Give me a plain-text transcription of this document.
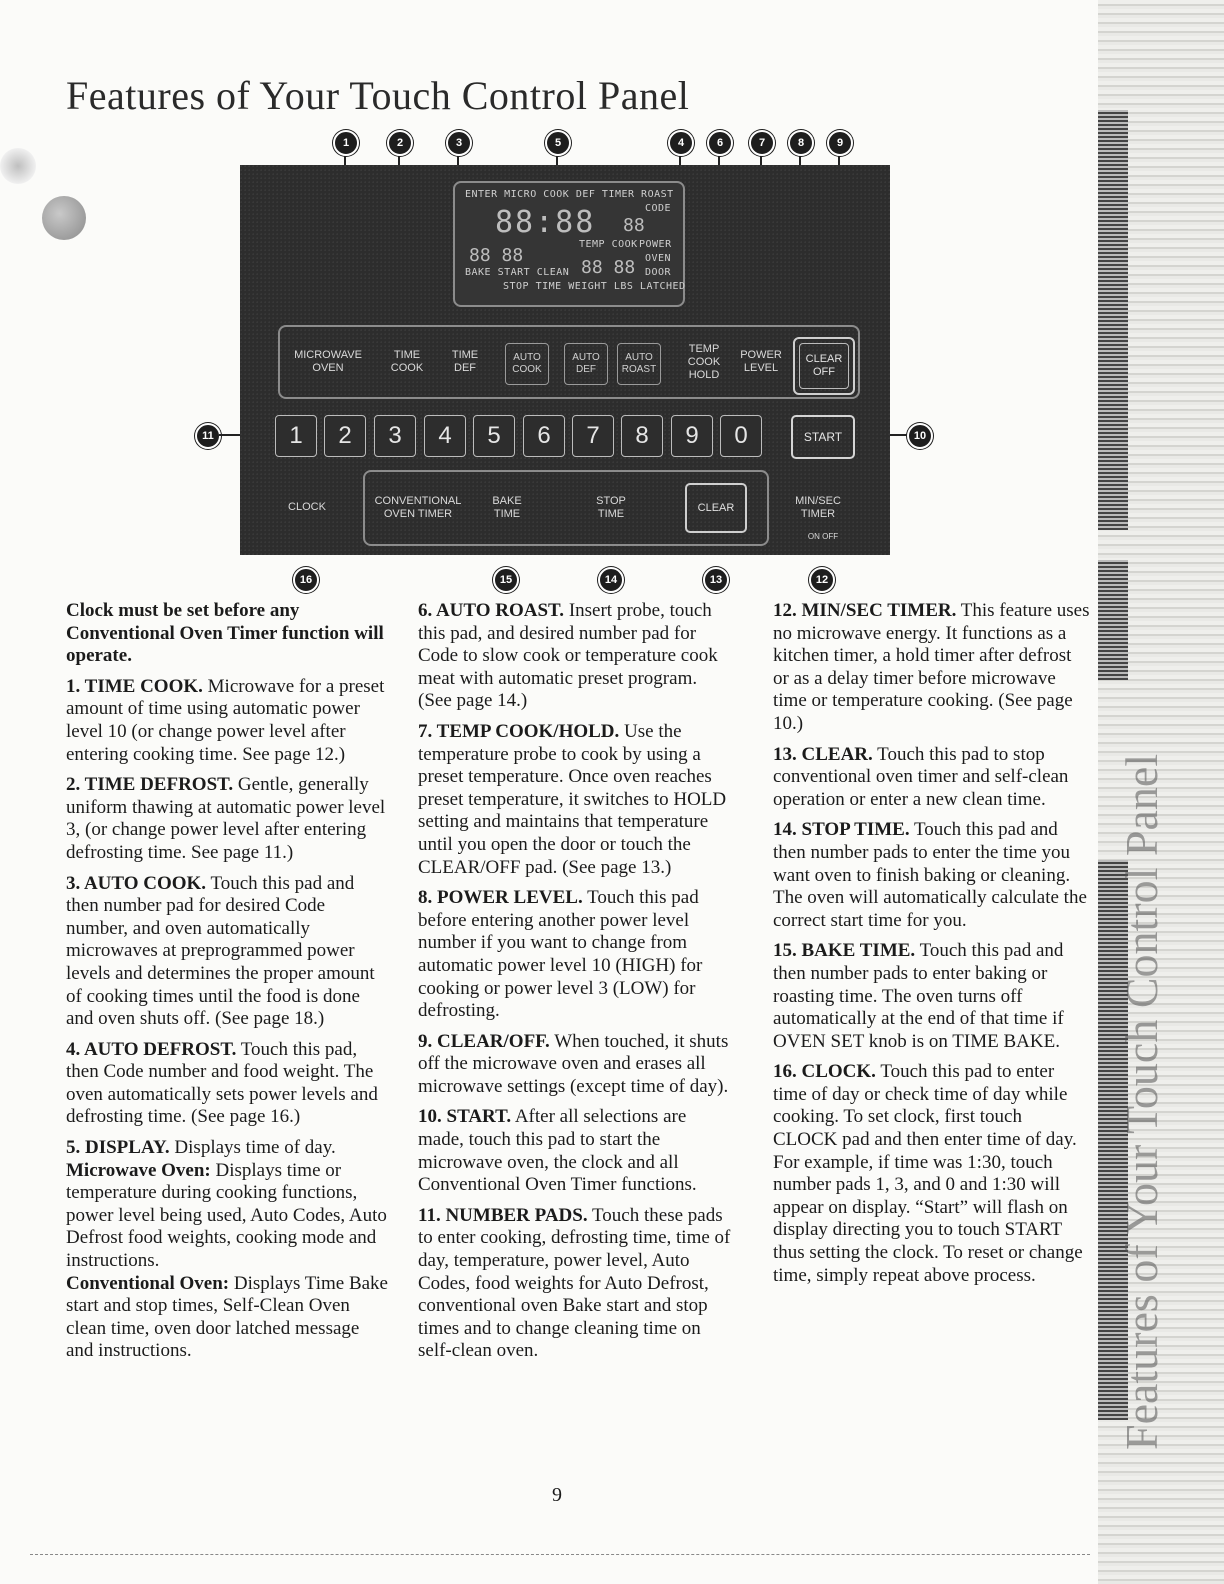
Features of Your Touch Control Panel
Features of Your Touch Control Panel
1	2	3	5	4	6	7	8	9
11	10
16	15	14	13	12
ENTER MICRO COOK DEF TIMER ROAST
CODE
88:88 88
TEMP COOK POWER
88 88
88 88 OVEN
BAKE START CLEAN	DOOR
STOP TIME WEIGHT LBS LATCHED
MICROWAVE
OVEN
TIME
COOK
TIME
DEF
AUTO
COOK
AUTO
DEF
AUTO
ROAST
TEMP
COOK
HOLD
POWER
LEVEL
CLEAR
OFF
1	2	3	4	5	6	7	8	9	0	START
CLOCK	CONVENTIONAL
OVEN TIMER
BAKE
TIME
STOP
TIME	CLEAR
MIN/SEC
TIMER
ON OFF

Clock must be set before any Conventional Oven Timer function will operate.

1. TIME COOK. Microwave for a preset amount of time using automatic power level 10 (or change power level after entering cooking time. See page 12.)

2. TIME DEFROST. Gentle, generally uniform thawing at automatic power level 3, (or change power level after entering defrosting time. See page 11.)

3. AUTO COOK. Touch this pad and then number pad for desired Code number, and oven automatically microwaves at preprogrammed power levels and determines the proper amount of cooking times until the food is done and oven shuts off. (See page 18.)

4. AUTO DEFROST. Touch this pad, then Code number and food weight. The oven automatically sets power levels and defrosting time. (See page 16.)

5. DISPLAY. Displays time of day.
Microwave Oven: Displays time or temperature during cooking functions, power level being used, Auto Codes, Auto Defrost food weights, cooking mode and instructions.
Conventional Oven: Displays Time Bake start and stop times, Self-Clean Oven clean time, oven door latched message and instructions.

6. AUTO ROAST. Insert probe, touch this pad, and desired number pad for Code to slow cook or temperature cook meat with automatic preset program. (See page 14.)

7. TEMP COOK/HOLD. Use the temperature probe to cook by using a preset temperature. Once oven reaches preset temperature, it switches to HOLD setting and maintains that temperature until you open the door or touch the CLEAR/OFF pad. (See page 13.)

8. POWER LEVEL. Touch this pad before entering another power level number if you want to change from automatic power level 10 (HIGH) for cooking or power level 3 (LOW) for defrosting.

9. CLEAR/OFF. When touched, it shuts off the microwave oven and erases all microwave settings (except time of day).

10. START. After all selections are made, touch this pad to start the microwave oven, the clock and all Conventional Oven Timer functions.

11. NUMBER PADS. Touch these pads to enter cooking, defrosting time, time of day, temperature, power level, Auto Codes, food weights for Auto Defrost, conventional oven Bake start and stop times and to change cleaning time on self-clean oven.

12. MIN/SEC TIMER. This feature uses no microwave energy. It functions as a kitchen timer, a hold timer after defrost or as a delay timer before microwave time or temperature cooking. (See page 10.)

13. CLEAR. Touch this pad to stop conventional oven timer and self-clean operation or enter a new clean time.

14. STOP TIME. Touch this pad and then number pads to enter the time you want oven to finish baking or cleaning. The oven will automatically calculate the correct start time for you.

15. BAKE TIME. Touch this pad and then number pads to enter baking or roasting time. The oven turns off automatically at the end of that time if OVEN SET knob is on TIME BAKE.

16. CLOCK. Touch this pad to enter time of day or check time of day while cooking. To set clock, first touch CLOCK pad and then enter time of day. For example, if time was 1:30, touch number pads 1, 3, and 0 and 1:30 will appear on display. “Start” will flash on display directing you to touch START thus setting the clock. To reset or change time, simply repeat above process.

9
